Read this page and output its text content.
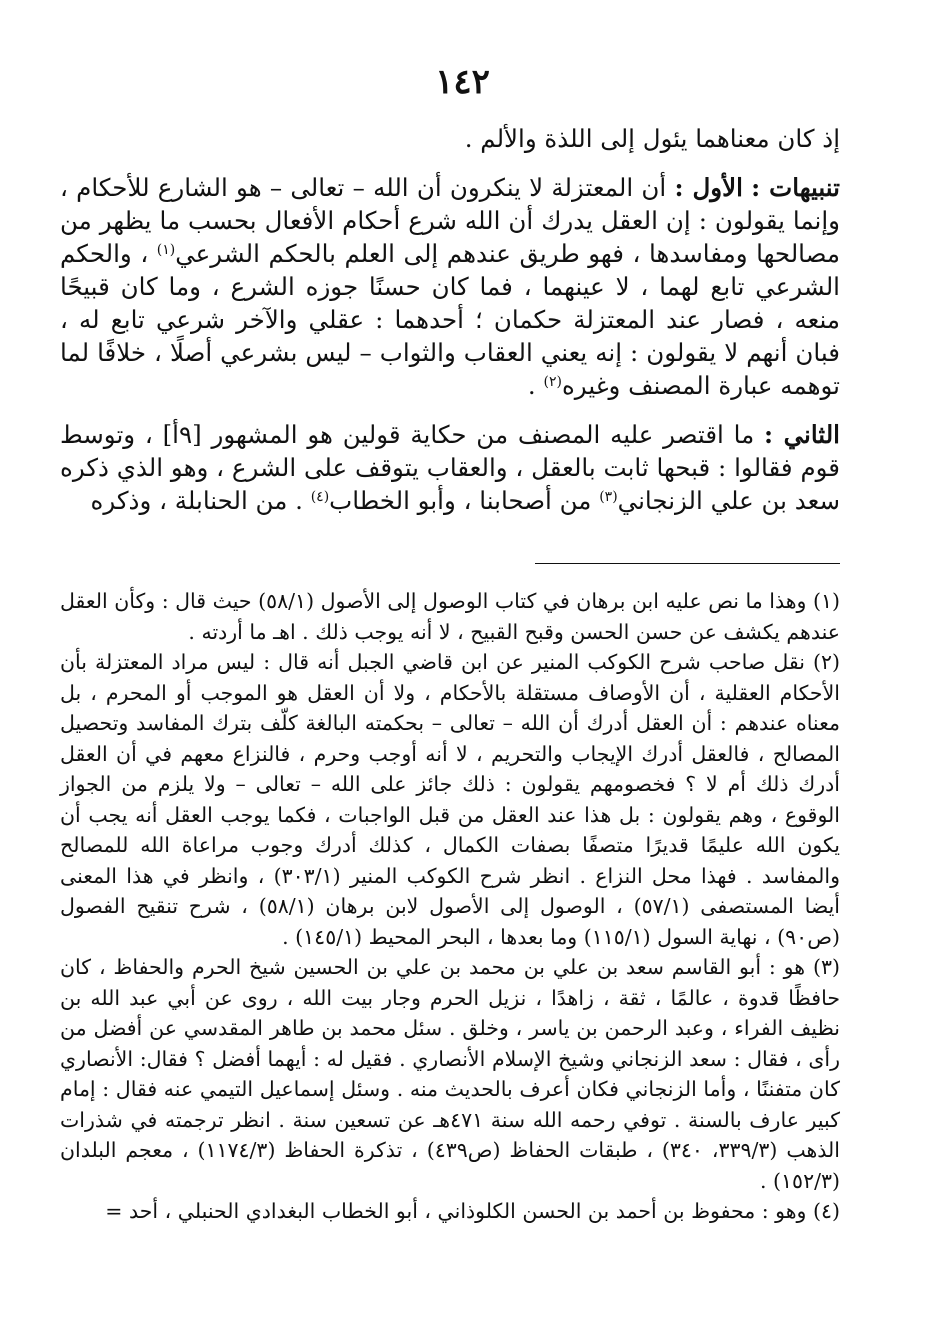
١٤٢

إذ كان معناهما يئول إلى اللذة والألم .

تنبيهات : الأول : أن المعتزلة لا ينكرون أن الله – تعالى – هو الشارع للأحكام ، وإنما يقولون : إن العقل يدرك أن الله شرع أحكام الأفعال بحسب ما يظهر من مصالحها ومفاسدها ، فهو طريق عندهم إلى العلم بالحكم الشرعي$^{(١)}$ ، والحكم الشرعي تابع لهما ، لا عينهما ، فما كان حسنًا جوزه الشرع ، وما كان قبيحًا منعه ، فصار عند المعتزلة حكمان ؛ أحدهما : عقلي والآخر شرعي تابع له ، فبان أنهم لا يقولون : إنه يعني العقاب والثواب – ليس بشرعي أصلًا ، خلافًا لما توهمه عبارة المصنف وغيره$^{(٢)}$ .

الثاني : ما اقتصر عليه المصنف من حكاية قولين هو المشهور [٩أ] ، وتوسط قوم فقالوا : قبحها ثابت بالعقل ، والعقاب يتوقف على الشرع ، وهو الذي ذكره سعد بن علي الزنجاني$^{(٣)}$ من أصحابنا ، وأبو الخطاب$^{(٤)}$ . من الحنابلة ، وذكره

(١) وهذا ما نص عليه ابن برهان في كتاب الوصول إلى الأصول (٥٨/١) حيث قال : وكأن العقل عندهم يكشف عن حسن الحسن وقبح القبيح ، لا أنه يوجب ذلك . اهـ ما أردته .

(٢) نقل صاحب شرح الكوكب المنير عن ابن قاضي الجبل أنه قال : ليس مراد المعتزلة بأن الأحكام العقلية ، أن الأوصاف مستقلة بالأحكام ، ولا أن العقل هو الموجب أو المحرم ، بل معناه عندهم : أن العقل أدرك أن الله – تعالى – بحكمته البالغة كلّف بترك المفاسد وتحصيل المصالح ، فالعقل أدرك الإيجاب والتحريم ، لا أنه أوجب وحرم ، فالنزاع معهم في أن العقل أدرك ذلك أم لا ؟ فخصومهم يقولون : ذلك جائز على الله – تعالى – ولا يلزم من الجواز الوقوع ، وهم يقولون : بل هذا عند العقل من قبل الواجبات ، فكما يوجب العقل أنه يجب أن يكون الله عليمًا قديرًا متصفًا بصفات الكمال ، كذلك أدرك وجوب مراعاة الله للمصالح والمفاسد . فهذا محل النزاع . انظر شرح الكوكب المنير (٣٠٣/١) ، وانظر في هذا المعنى أيضا المستصفى (٥٧/١) ، الوصول إلى الأصول لابن برهان (٥٨/١) ، شرح تنقيح الفصول (ص٩٠) ، نهاية السول (١١٥/١) وما بعدها ، البحر المحيط (١٤٥/١) .

(٣) هو : أبو القاسم سعد بن علي بن محمد بن علي بن الحسين شيخ الحرم والحفاظ ، كان حافظًا قدوة ، عالمًا ، ثقة ، زاهدًا ، نزيل الحرم وجار بيت الله ، روى عن أبي عبد الله بن نظيف الفراء ، وعبد الرحمن بن ياسر ، وخلق . سئل محمد بن طاهر المقدسي عن أفضل من رأى ، فقال : سعد الزنجاني وشيخ الإسلام الأنصاري . فقيل له : أيهما أفضل ؟ فقال: الأنصاري كان متفننًا ، وأما الزنجاني فكان أعرف بالحديث منه . وسئل إسماعيل التيمي عنه فقال : إمام كبير عارف بالسنة . توفي رحمه الله سنة ٤٧١هـ عن تسعين سنة . انظر ترجمته في شذرات الذهب (٣٣٩/٣، ٣٤٠) ، طبقات الحفاظ (ص٤٣٩) ، تذكرة الحفاظ (١١٧٤/٣) ، معجم البلدان (١٥٢/٣) .

(٤) وهو : محفوظ بن أحمد بن الحسن الكلوذاني ، أبو الخطاب البغدادي الحنبلي ، أحد =
